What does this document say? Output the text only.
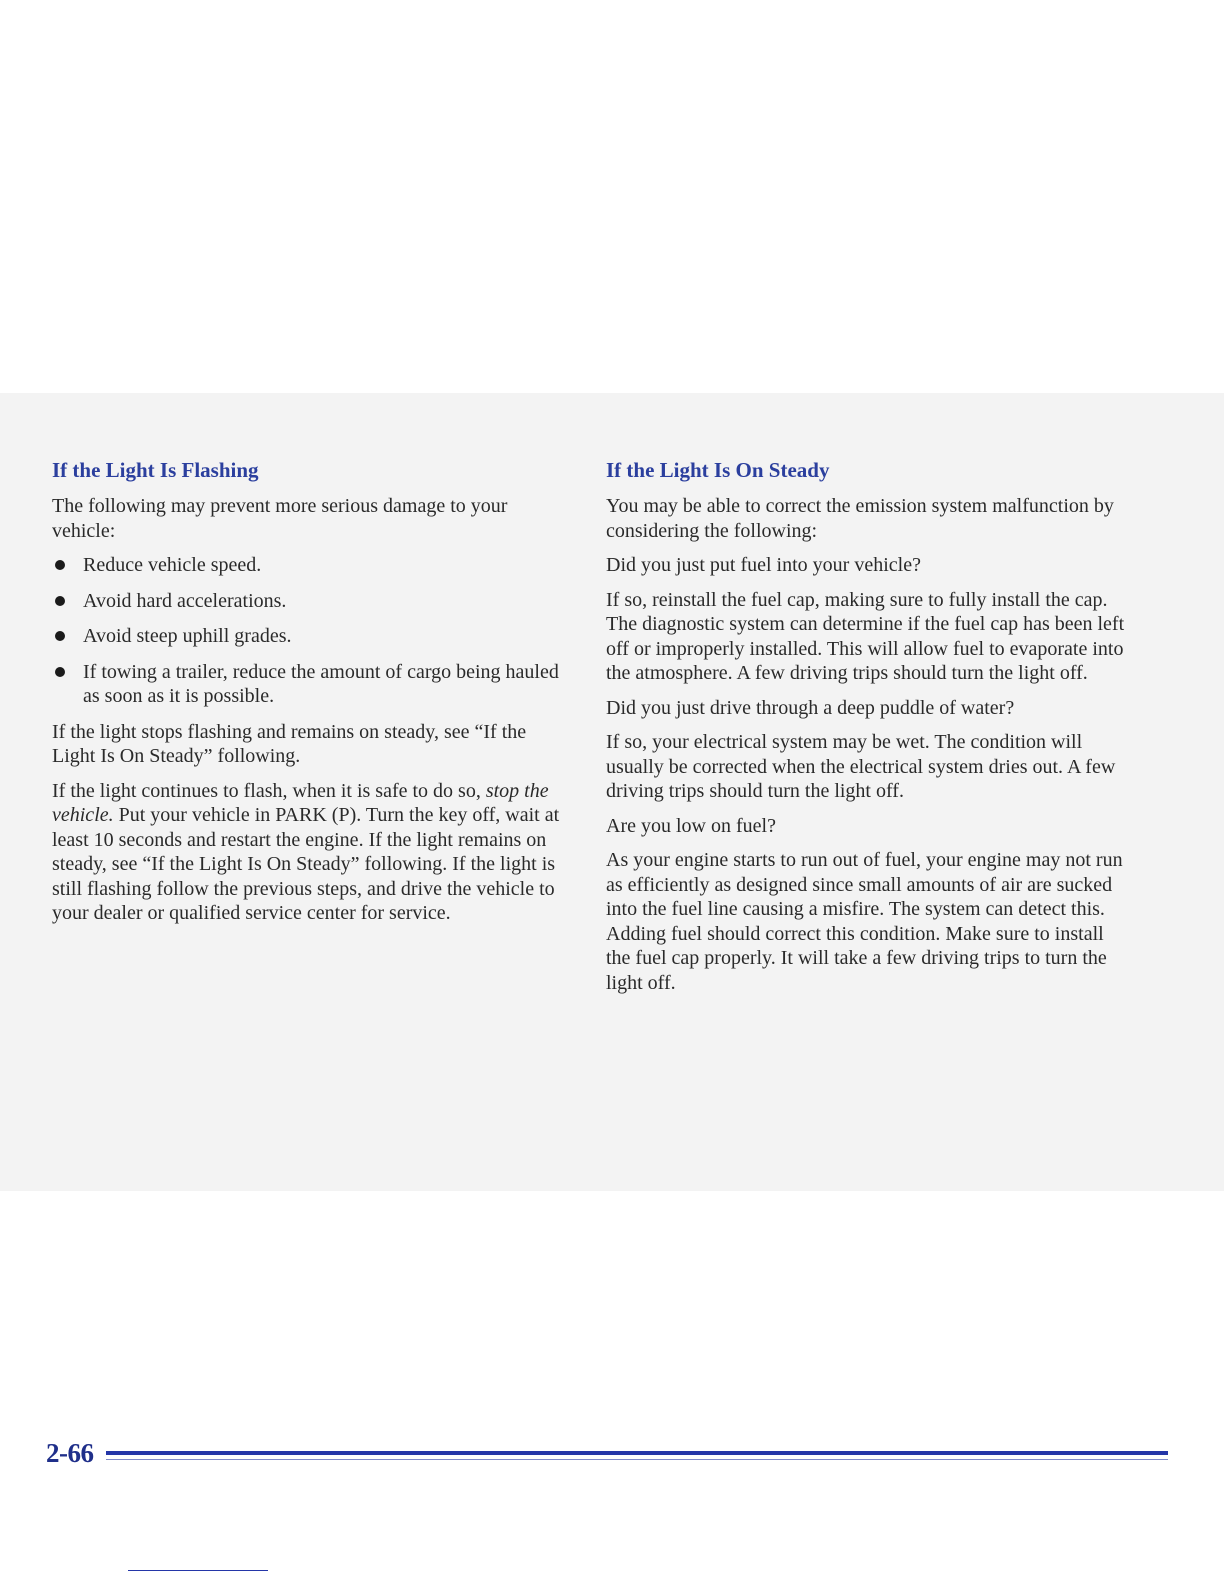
If the Light Is Flashing

The following may prevent more serious damage to your vehicle:

Reduce vehicle speed.
Avoid hard accelerations.
Avoid steep uphill grades.
If towing a trailer, reduce the amount of cargo being hauled as soon as it is possible.

If the light stops flashing and remains on steady, see “If the Light Is On Steady” following.

If the light continues to flash, when it is safe to do so, stop the vehicle. Put your vehicle in PARK (P). Turn the key off, wait at least 10 seconds and restart the engine. If the light remains on steady, see “If the Light Is On Steady” following. If the light is still flashing follow the previous steps, and drive the vehicle to your dealer or qualified service center for service.

If the Light Is On Steady

You may be able to correct the emission system malfunction by considering the following:

Did you just put fuel into your vehicle?

If so, reinstall the fuel cap, making sure to fully install the cap. The diagnostic system can determine if the fuel cap has been left off or improperly installed. This will allow fuel to evaporate into the atmosphere. A few driving trips should turn the light off.

Did you just drive through a deep puddle of water?

If so, your electrical system may be wet. The condition will usually be corrected when the electrical system dries out. A few driving trips should turn the light off.

Are you low on fuel?

As your engine starts to run out of fuel, your engine may not run as efficiently as designed since small amounts of air are sucked into the fuel line causing a misfire. The system can detect this. Adding fuel should correct this condition. Make sure to install the fuel cap properly. It will take a few driving trips to turn the light off.

2-66
